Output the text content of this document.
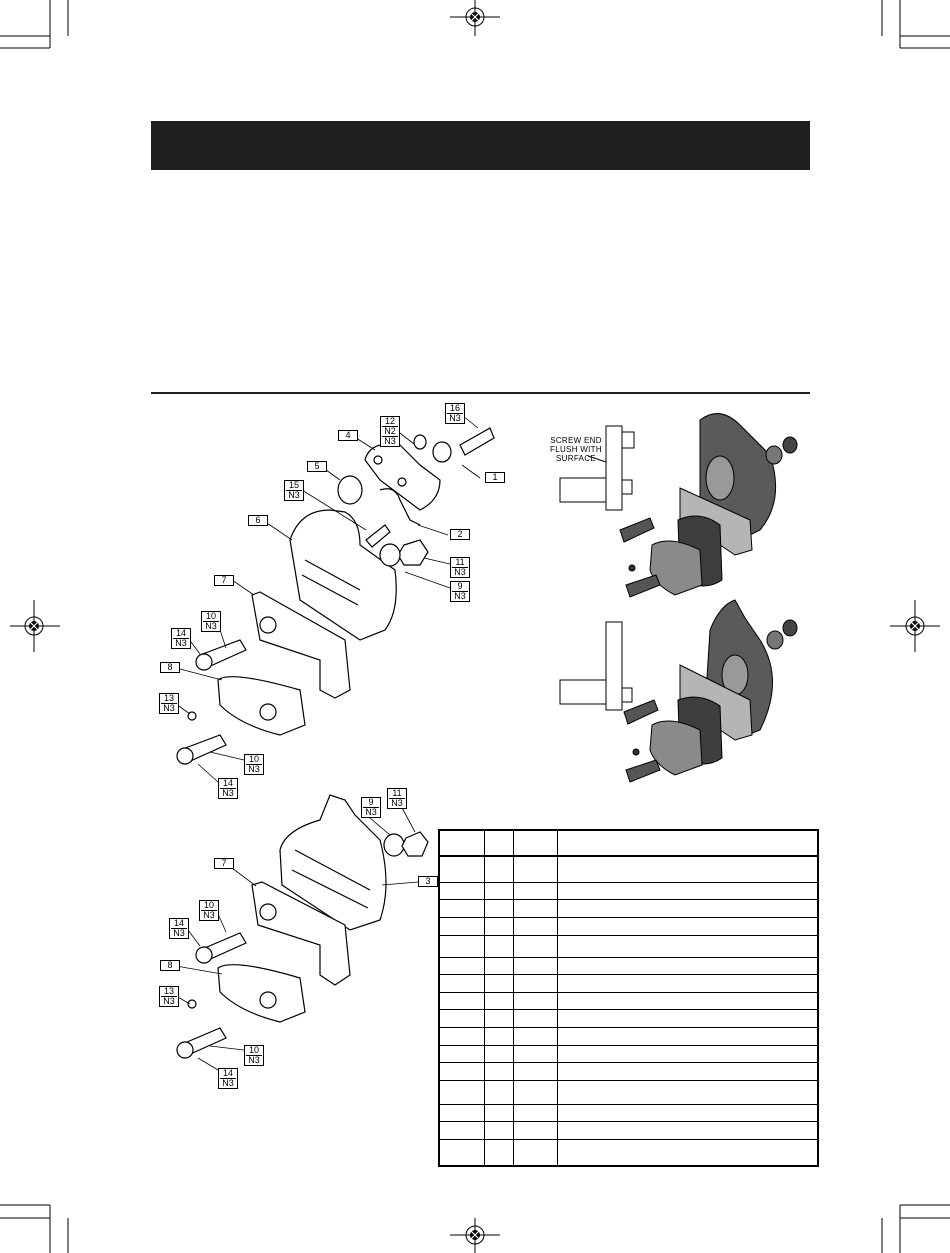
16
N3
12
N2
N3
4
1
5
15
N3
6
2
11
N3
9
N3
7
10
N3
14
N3
8
13
N3
10
N3
14
N3
9
N3
11
N3
7
3
10
N3
14
N3
8
13
N3
10
N3
14
N3
SCREW END
FLUSH WITH
SURFACE
